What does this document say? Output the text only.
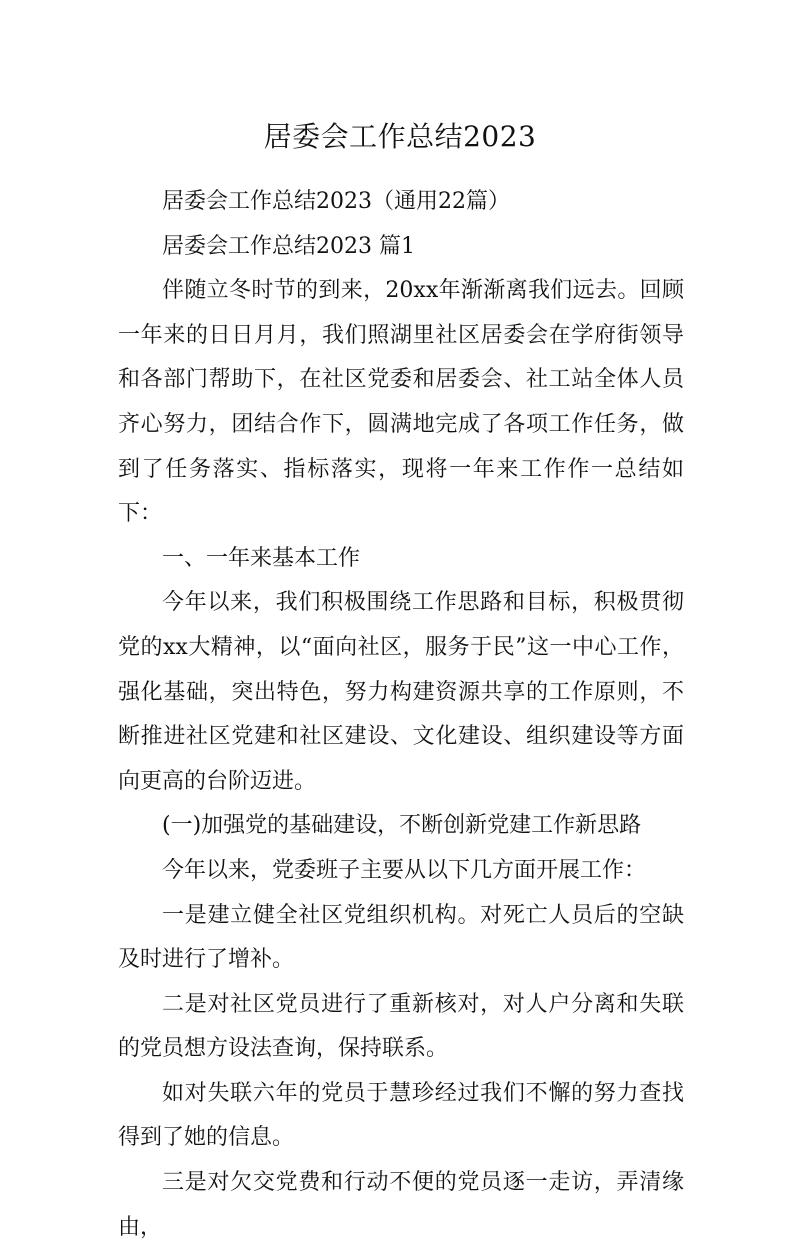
居委会工作总结2023

居委会工作总结2023（通用22篇）

居委会工作总结2023 篇1

伴随立冬时节的到来，20xx年渐渐离我们远去。回顾一年来的日日月月，我们照湖里社区居委会在学府街领导和各部门帮助下，在社区党委和居委会、社工站全体人员齐心努力，团结合作下，圆满地完成了各项工作任务，做到了任务落实、指标落实，现将一年来工作作一总结如下：

一、一年来基本工作

今年以来，我们积极围绕工作思路和目标，积极贯彻党的xx大精神，以“面向社区，服务于民”这一中心工作，强化基础，突出特色，努力构建资源共享的工作原则，不断推进社区党建和社区建设、文化建设、组织建设等方面向更高的台阶迈进。

(一)加强党的基础建设，不断创新党建工作新思路

今年以来，党委班子主要从以下几方面开展工作：

一是建立健全社区党组织机构。对死亡人员后的空缺及时进行了增补。

二是对社区党员进行了重新核对，对人户分离和失联的党员想方设法查询，保持联系。

如对失联六年的党员于慧珍经过我们不懈的努力查找得到了她的信息。

三是对欠交党费和行动不便的党员逐一走访，弄清缘由，
